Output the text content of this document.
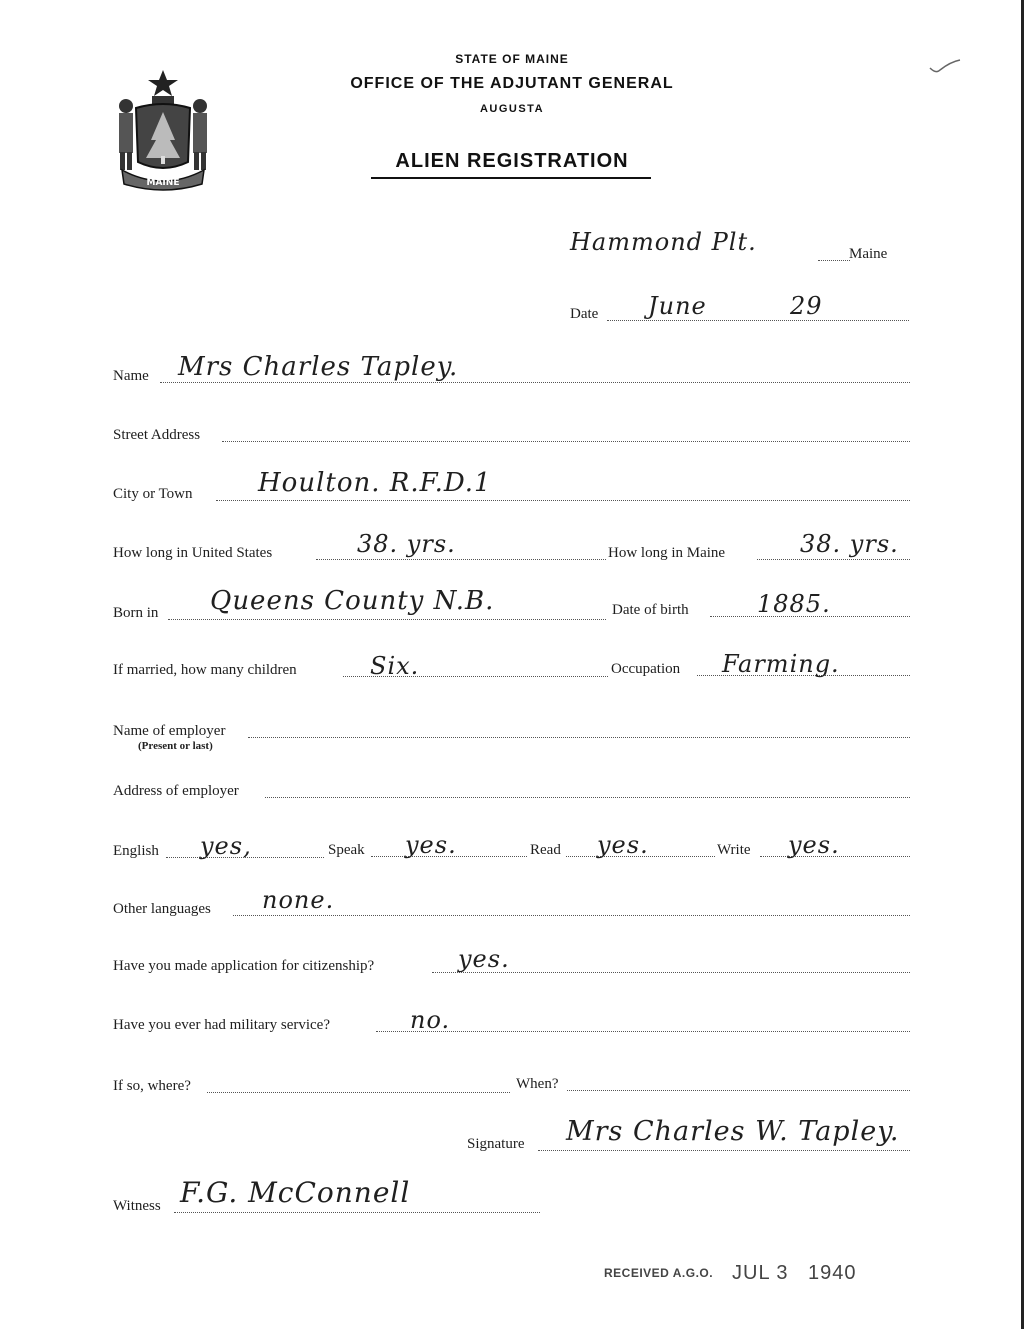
MAINE
STATE OF MAINE
OFFICE OF THE ADJUTANT GENERAL
AUGUSTA
ALIEN REGISTRATION
Hammond Plt.	Maine
Date June	29
Name Mrs Charles Tapley.
Street Address
City or Town	Houlton. R.F.D.1
How long in United States	38. yrs.	How long in Maine	38. yrs.
Born in Queens County N.B.	Date of birth	1885.
If married, how many children	Six.	Occupation Farming.
Name of employer
(Present or last)
Address of employer
English yes,	Speak yes.	Read yes.	Write yes.
Other languages none.
Have you made application for citizenship?	yes.
Have you ever had military service?	no.
If so, where?	When?
Signature Mrs Charles W. Tapley.
Witness F.G. McConnell
RECEIVED A.G.O. JUL 3 1940
